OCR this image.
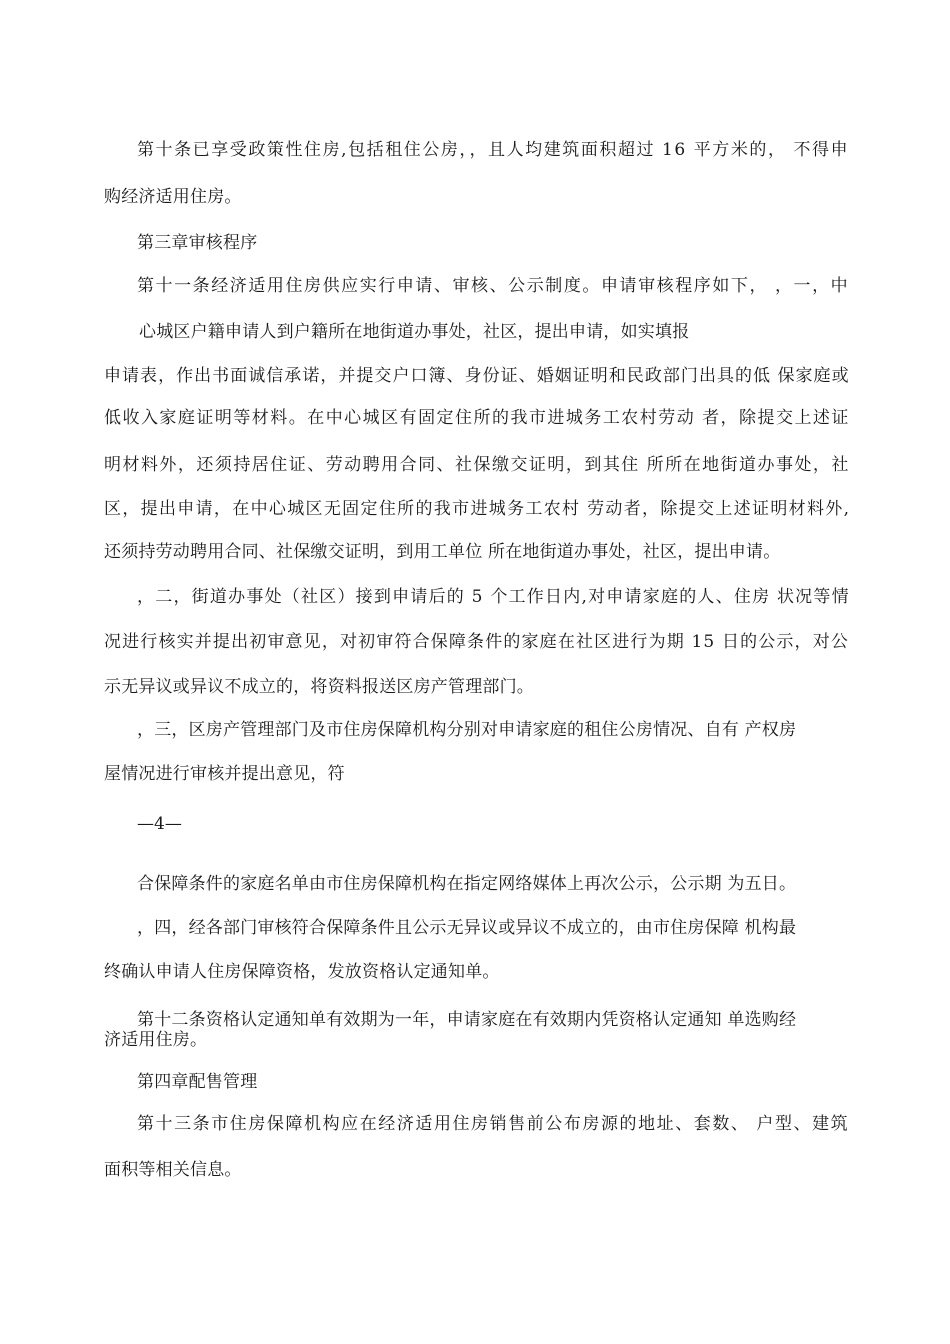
第十条已享受政策性住房,包括租住公房，，且人均建筑面积超过 16 平方米的， 不得申
购经济适用住房。
第三章审核程序
第十一条经济适用住房供应实行申请、审核、公示制度。申请审核程序如下， ，一，中
心城区户籍申请人到户籍所在地街道办事处，社区，提出申请，如实填报
申请表，作出书面诚信承诺，并提交户口簿、身份证、婚姻证明和民政部门出具的低 保家庭或
低收入家庭证明等材料。在中心城区有固定住所的我市进城务工农村劳动 者，除提交上述证
明材料外，还须持居住证、劳动聘用合同、社保缴交证明，到其住 所所在地街道办事处，社
区，提出申请，在中心城区无固定住所的我市进城务工农村 劳动者，除提交上述证明材料外,
还须持劳动聘用合同、社保缴交证明，到用工单位 所在地街道办事处，社区，提出申请。
，二，街道办事处（社区）接到申请后的 5 个工作日内,对申请家庭的人、住房 状况等情
况进行核实并提出初审意见，对初审符合保障条件的家庭在社区进行为期 15 日的公示，对公
示无异议或异议不成立的，将资料报送区房产管理部门。
，三，区房产管理部门及市住房保障机构分别对申请家庭的租住公房情况、自有 产权房
屋情况进行审核并提出意见，符
—4—
合保障条件的家庭名单由市住房保障机构在指定网络媒体上再次公示，公示期 为五日。
，四，经各部门审核符合保障条件且公示无异议或异议不成立的，由市住房保障 机构最
终确认申请人住房保障资格，发放资格认定通知单。
第十二条资格认定通知单有效期为一年，申请家庭在有效期内凭资格认定通知 单选购经
济适用住房。
第四章配售管理
第十三条市住房保障机构应在经济适用住房销售前公布房源的地址、套数、 户型、建筑
面积等相关信息。
